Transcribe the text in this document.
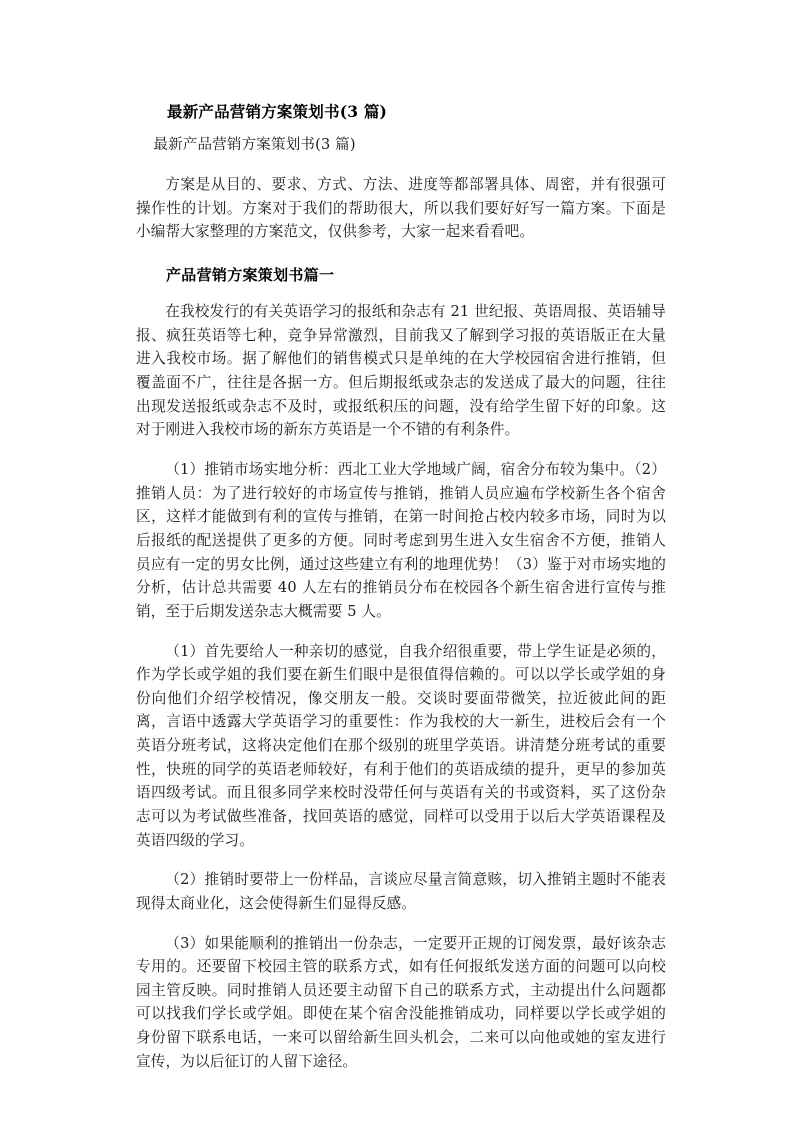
最新产品营销方案策划书(3 篇)

最新产品营销方案策划书(3 篇)

方案是从目的、要求、方式、方法、进度等都部署具体、周密，并有很强可操作性的计划。方案对于我们的帮助很大，所以我们要好好写一篇方案。下面是小编帮大家整理的方案范文，仅供参考，大家一起来看看吧。

产品营销方案策划书篇一

在我校发行的有关英语学习的报纸和杂志有 21 世纪报、英语周报、英语辅导报、疯狂英语等七种，竞争异常激烈，目前我又了解到学习报的英语版正在大量进入我校市场。据了解他们的销售模式只是单纯的在大学校园宿舍进行推销，但覆盖面不广，往往是各据一方。但后期报纸或杂志的发送成了最大的问题，往往出现发送报纸或杂志不及时，或报纸积压的问题，没有给学生留下好的印象。这对于刚进入我校市场的新东方英语是一个不错的有利条件。

（1）推销市场实地分析：西北工业大学地域广阔，宿舍分布较为集中。（2）推销人员：为了进行较好的市场宣传与推销，推销人员应遍布学校新生各个宿舍区，这样才能做到有利的宣传与推销，在第一时间抢占校内较多市场，同时为以后报纸的配送提供了更多的方便。同时考虑到男生进入女生宿舍不方便，推销人员应有一定的男女比例，通过这些建立有利的地理优势！（3）鉴于对市场实地的分析，估计总共需要 40 人左右的推销员分布在校园各个新生宿舍进行宣传与推销，至于后期发送杂志大概需要 5 人。

（1）首先要给人一种亲切的感觉，自我介绍很重要，带上学生证是必须的，作为学长或学姐的我们要在新生们眼中是很值得信赖的。可以以学长或学姐的身份向他们介绍学校情况，像交朋友一般。交谈时要面带微笑，拉近彼此间的距离，言语中透露大学英语学习的重要性：作为我校的大一新生，进校后会有一个英语分班考试，这将决定他们在那个级别的班里学英语。讲清楚分班考试的重要性，快班的同学的英语老师较好，有利于他们的英语成绩的提升，更早的参加英语四级考试。而且很多同学来校时没带任何与英语有关的书或资料，买了这份杂志可以为考试做些准备，找回英语的感觉，同样可以受用于以后大学英语课程及英语四级的学习。

（2）推销时要带上一份样品，言谈应尽量言简意赅，切入推销主题时不能表现得太商业化，这会使得新生们显得反感。

（3）如果能顺利的推销出一份杂志，一定要开正规的订阅发票，最好该杂志专用的。还要留下校园主管的联系方式，如有任何报纸发送方面的问题可以向校园主管反映。同时推销人员还要主动留下自己的联系方式，主动提出什么问题都可以找我们学长或学姐。即使在某个宿舍没能推销成功，同样要以学长或学姐的身份留下联系电话，一来可以留给新生回头机会，二来可以向他或她的室友进行宣传，为以后征订的人留下途径。
